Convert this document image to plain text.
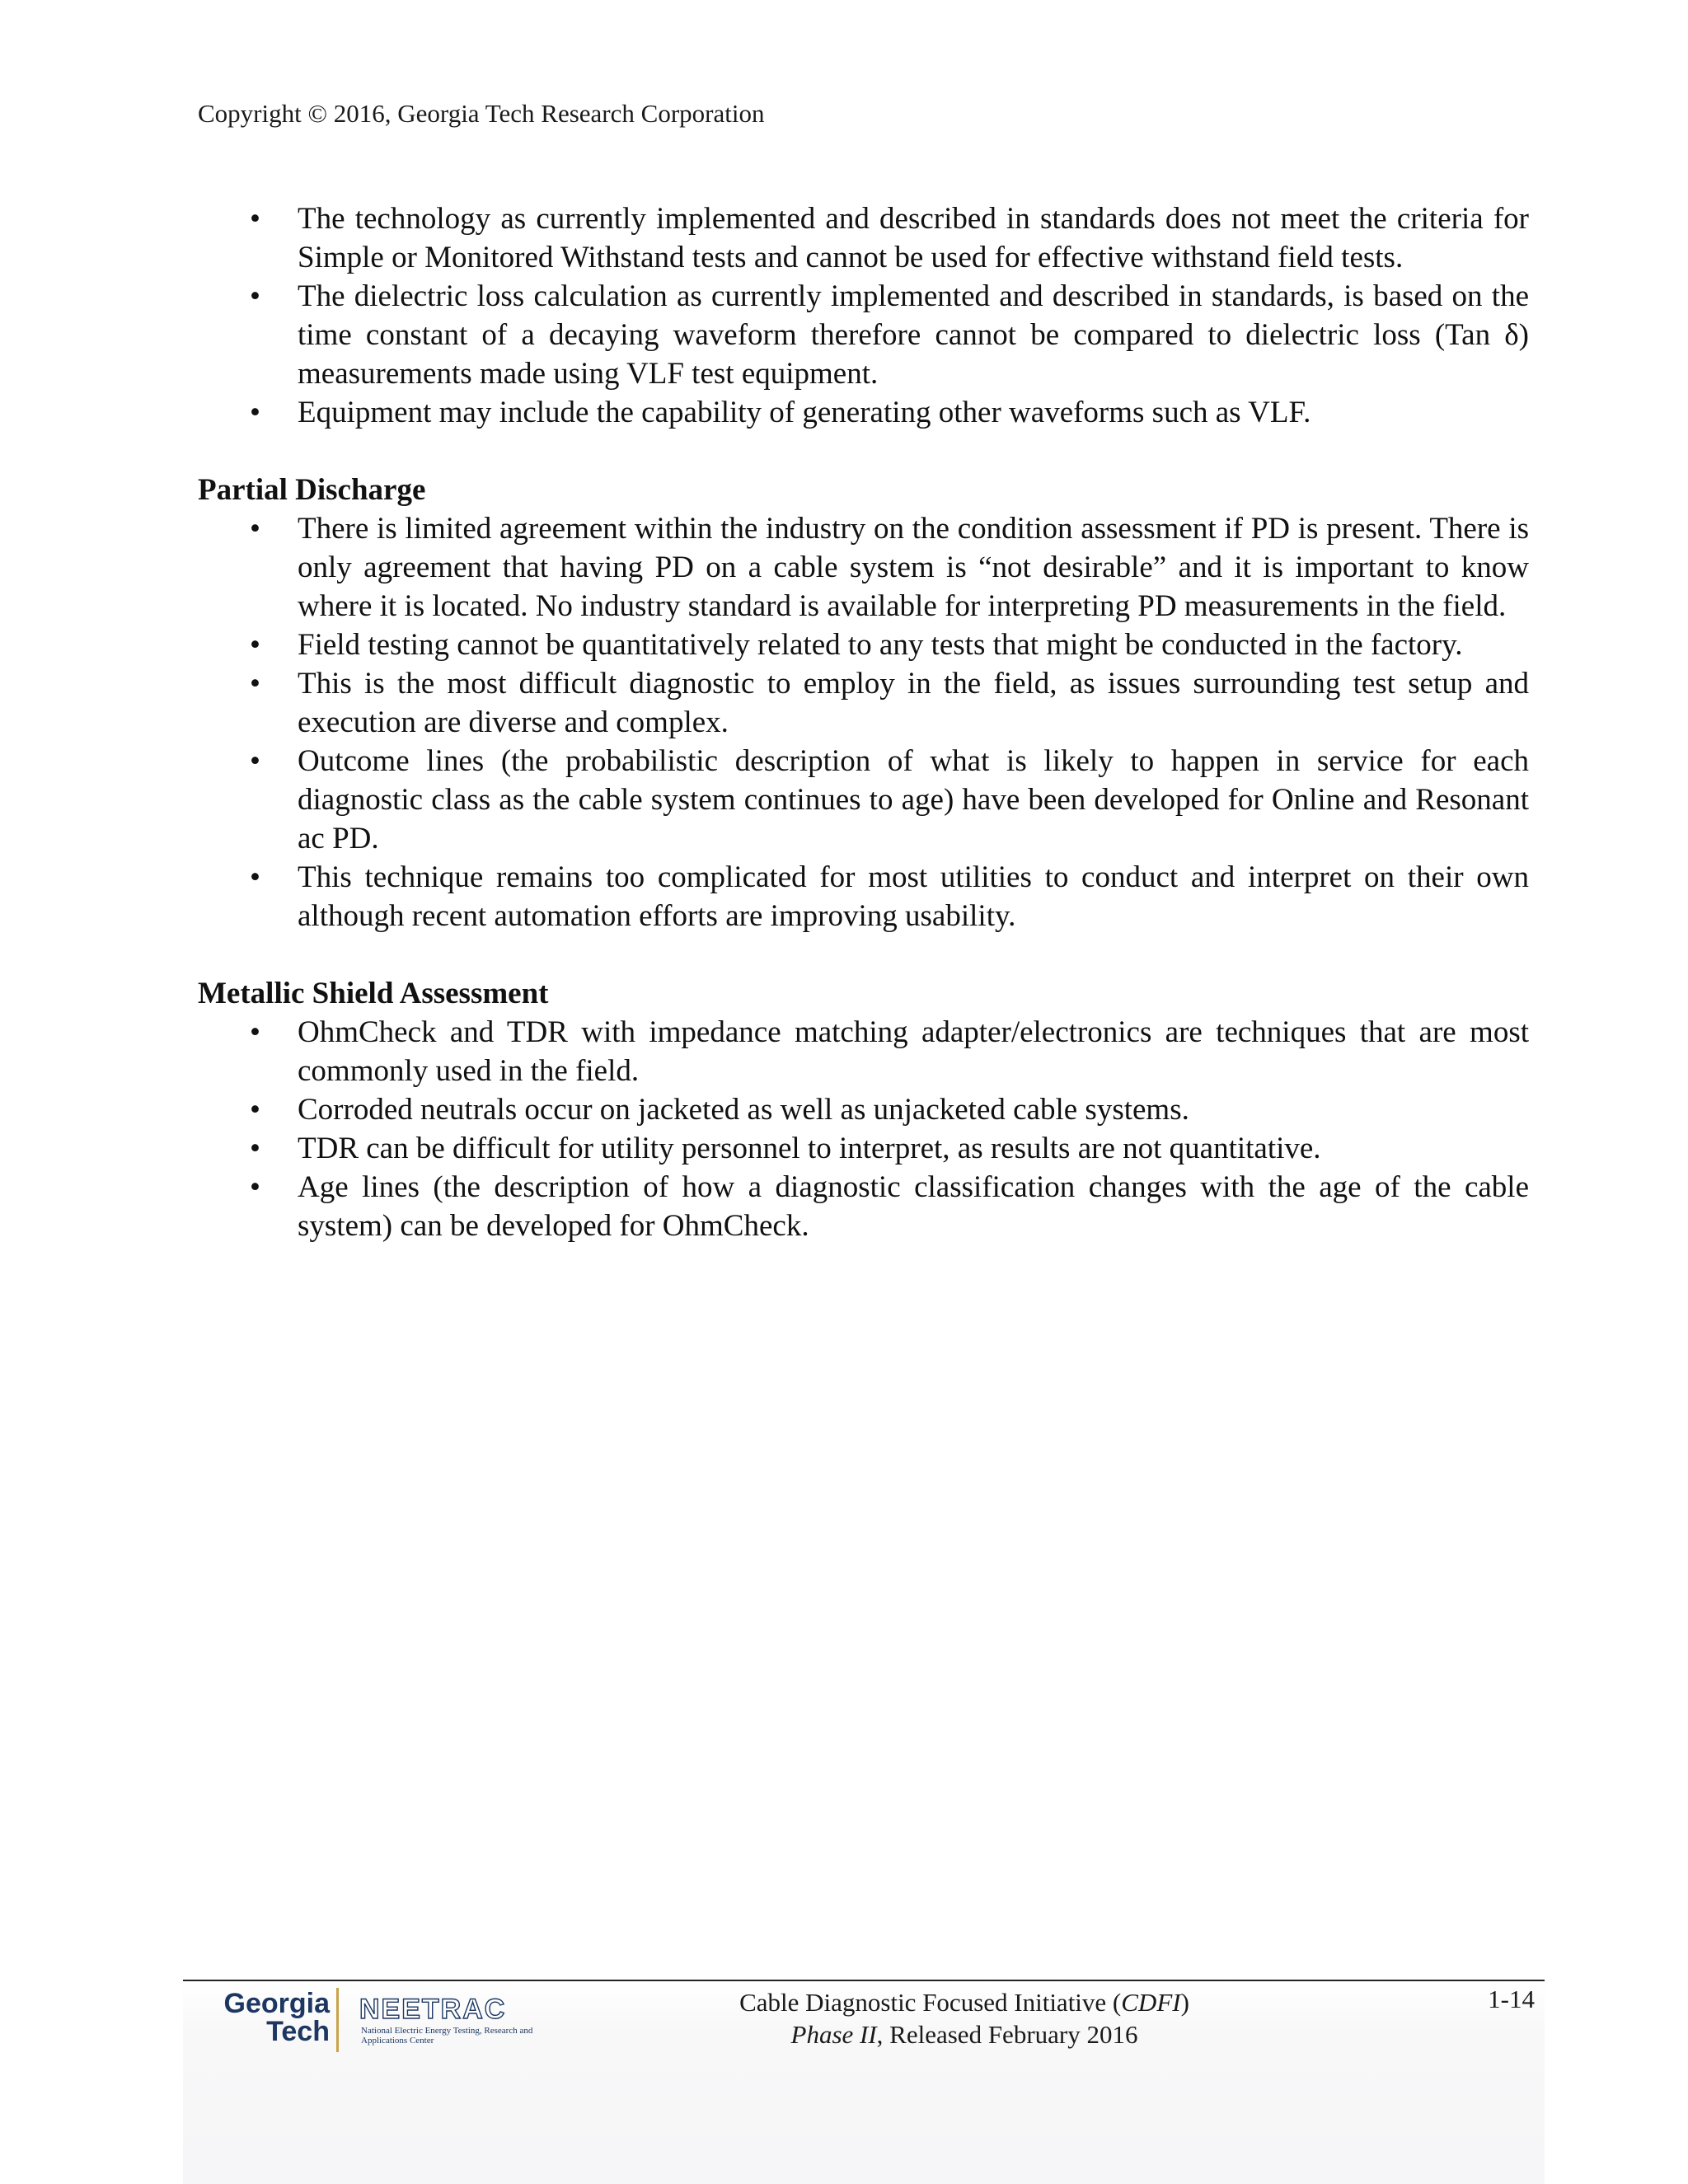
Copyright © 2016, Georgia Tech Research Corporation
• The technology as currently implemented and described in standards does not meet the criteria for Simple or Monitored Withstand tests and cannot be used for effective withstand field tests.
• The dielectric loss calculation as currently implemented and described in standards, is based on the time constant of a decaying waveform therefore cannot be compared to dielectric loss (Tan δ) measurements made using VLF test equipment.
• Equipment may include the capability of generating other waveforms such as VLF.
Partial Discharge
• There is limited agreement within the industry on the condition assessment if PD is present. There is only agreement that having PD on a cable system is “not desirable” and it is important to know where it is located. No industry standard is available for interpreting PD measurements in the field.
• Field testing cannot be quantitatively related to any tests that might be conducted in the factory.
• This is the most difficult diagnostic to employ in the field, as issues surrounding test setup and execution are diverse and complex.
• Outcome lines (the probabilistic description of what is likely to happen in service for each diagnostic class as the cable system continues to age) have been developed for Online and Resonant ac PD.
• This technique remains too complicated for most utilities to conduct and interpret on their own although recent automation efforts are improving usability.
Metallic Shield Assessment
• OhmCheck and TDR with impedance matching adapter/electronics are techniques that are most commonly used in the field.
• Corroded neutrals occur on jacketed as well as unjacketed cable systems.
• TDR can be difficult for utility personnel to interpret, as results are not quantitative.
• Age lines (the description of how a diagnostic classification changes with the age of the cable system) can be developed for OhmCheck.
Georgia
Tech
NEETRAC
National Electric Energy Testing, Research and Applications Center
Cable Diagnostic Focused Initiative (CDFI)
Phase II, Released February 2016
1-14
